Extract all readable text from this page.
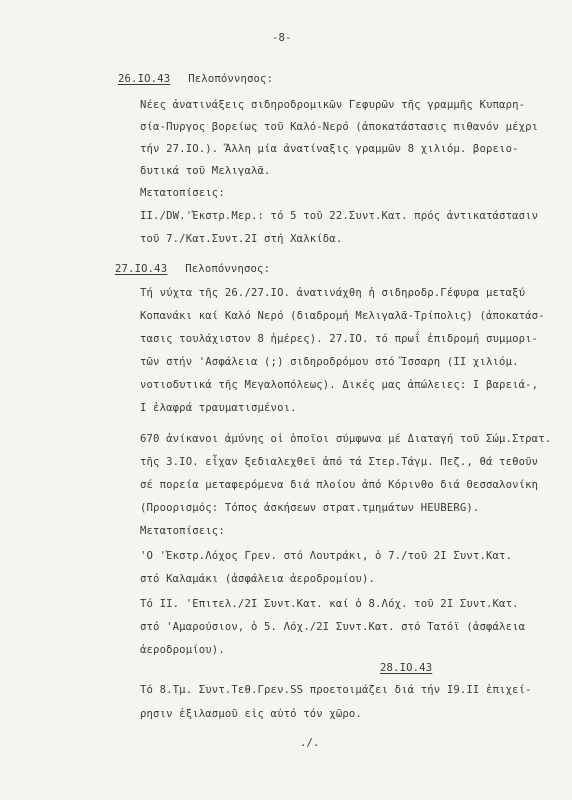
-8-
26.IO.43 Πελοπόννησος:
Νέες ἀνατινάξεις σιδηροδρομικῶν Γεφυρῶν τῆς γραμμῆς Κυπαρη-
σία-Πυργος βορείως τοῦ Καλό-Νερό (ἀποκατάστασις πιθανόν μέχρι
τήν 27.IO.). Ἄλλη μία ἀνατίναξις γραμμῶν 8 χιλιόμ. βορειο-
δυτικά τοῦ Μελιγαλᾶ.
Μετατοπίσεις:
II./DW.'Ἐκστρ.Μερ.: τό 5 τοῦ 22.Συντ.Κατ. πρός ἀντικατάστασιν
τοῦ 7./Κατ.Συντ.2I στή Χαλκίδα.
27.IO.43 Πελοπόννησος:
Τή νύχτα τῆς 26./27.IO. ἀνατινάχθη ἡ σιδηροδρ.Γέφυρα μεταξύ
Κοπανάκι καί Καλό Νερό (διαδρομή Μελιγαλᾶ-Τρίπολις) (ἀποκατάσ-
τασις τουλάχιστον 8 ἡμέρες). 27.IO. τό πρωΐ ἐπιδρομή συμμορι-
τῶν στήν 'Ασφάλεια (;) σιδηροδρόμου στό Ἴσσαρη (II χιλιόμ.
νοτιοδυτικά τῆς Μεγαλοπόλεως). Δικές μας ἀπώλειες: I βαρειά-,
I ἐλαφρά τραυματισμένοι.
670 ἀνίκανοι ἀμύνης οἱ ὁποῖοι σύμφωνα μέ Διαταγή τοῦ Σώμ.Στρατ.
τῆς 3.IO. εἶχαν ξεδιαλεχθεῖ ἀπό τά Στερ.Τάγμ. Πεζ., θά τεθοῦν
σέ πορεία μεταφερόμενα διά πλοίου ἀπό Κόρινθο διά Θεσσαλονίκη
(Προορισμός: Τόπος ἀσκήσεων στρατ.τμημάτων HEUBERG).
Μετατοπίσεις:
'Ο 'Ἐκστρ.Λόχος Γρεν. στό Λουτράκι, ὁ 7./τοῦ 2I Συντ.Κατ.
στό Καλαμάκι (ἀσφάλεια ἀεροδρομίου).
Τό II. 'Επιτελ./2I Συντ.Κατ. καί ὁ 8.Λόχ. τοῦ 2I Συντ.Κατ.
στό 'Αμαρούσιον, ὁ 5. Λόχ./2I Συντ.Κατ. στό Τατόϊ (ἀσφάλεια
ἀεροδρομίου).
28.IO.43
Τό 8.Τμ. Συντ.Τεθ.Γρεν.SS προετοιμάζει διά τήν I9.II ἐπιχεί-
ρησιν ἐξιλασμοῦ εἰς αὐτό τόν χῶρο.
./.
